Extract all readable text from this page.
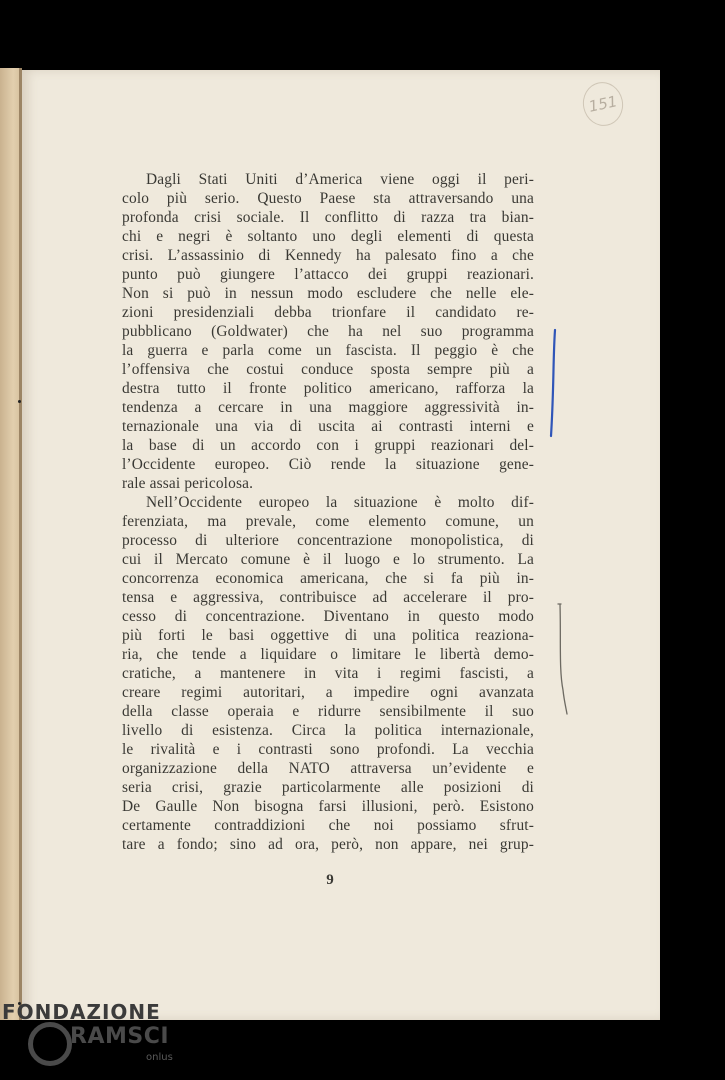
151

Dagli Stati Uniti d’America viene oggi il peri-
colo più serio. Questo Paese sta attraversando una
profonda crisi sociale. Il conflitto di razza tra bian-
chi e negri è soltanto uno degli elementi di questa
crisi. L’assassinio di Kennedy ha palesato fino a che
punto può giungere l’attacco dei gruppi reazionari.
Non si può in nessun modo escludere che nelle ele-
zioni presidenziali debba trionfare il candidato re-
pubblicano (Goldwater) che ha nel suo programma
la guerra e parla come un fascista. Il peggio è che
l’offensiva che costui conduce sposta sempre più a
destra tutto il fronte politico americano, rafforza la
tendenza a cercare in una maggiore aggressività in-
ternazionale una via di uscita ai contrasti interni e
la base di un accordo con i gruppi reazionari del-
l’Occidente europeo. Ciò rende la situazione gene-
rale assai pericolosa.

Nell’Occidente europeo la situazione è molto dif-
ferenziata, ma prevale, come elemento comune, un
processo di ulteriore concentrazione monopolistica, di
cui il Mercato comune è il luogo e lo strumento. La
concorrenza economica americana, che si fa più in-
tensa e aggressiva, contribuisce ad accelerare il pro-
cesso di concentrazione. Diventano in questo modo
più forti le basi oggettive di una politica reaziona-
ria, che tende a liquidare o limitare le libertà demo-
cratiche, a mantenere in vita i regimi fascisti, a
creare regimi autoritari, a impedire ogni avanzata
della classe operaia e ridurre sensibilmente il suo
livello di esistenza. Circa la politica internazionale,
le rivalità e i contrasti sono profondi. La vecchia
organizzazione della NATO attraversa un’evidente e
seria crisi, grazie particolarmente alle posizioni di
De Gaulle Non bisogna farsi illusioni, però. Esistono
certamente contraddizioni che noi possiamo sfrut-
tare a fondo; sino ad ora, però, non appare, nei grup-

9
FONDAZIONE
RAMSCI
onlus
